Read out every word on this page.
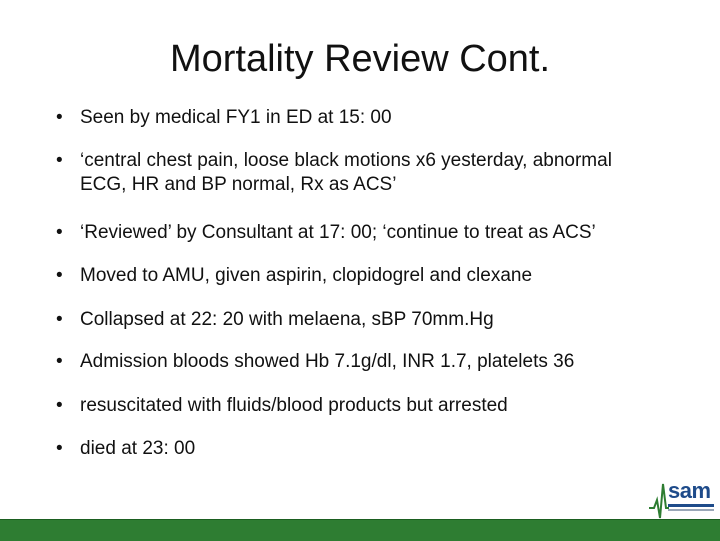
Mortality Review Cont.
• Seen by medical FY1 in ED at 15: 00
• ‘central chest pain, loose black motions x6 yesterday, abnormal ECG, HR and BP normal, Rx as ACS’
• ‘Reviewed’ by Consultant at 17: 00; ‘continue to treat as ACS’
• Moved to AMU, given aspirin, clopidogrel and clexane
• Collapsed at 22: 20 with melaena, sBP 70mm.Hg
• Admission bloods showed Hb 7.1g/dl, INR 1.7, platelets 36
• resuscitated with fluids/blood products but arrested
• died at 23: 00
sam
